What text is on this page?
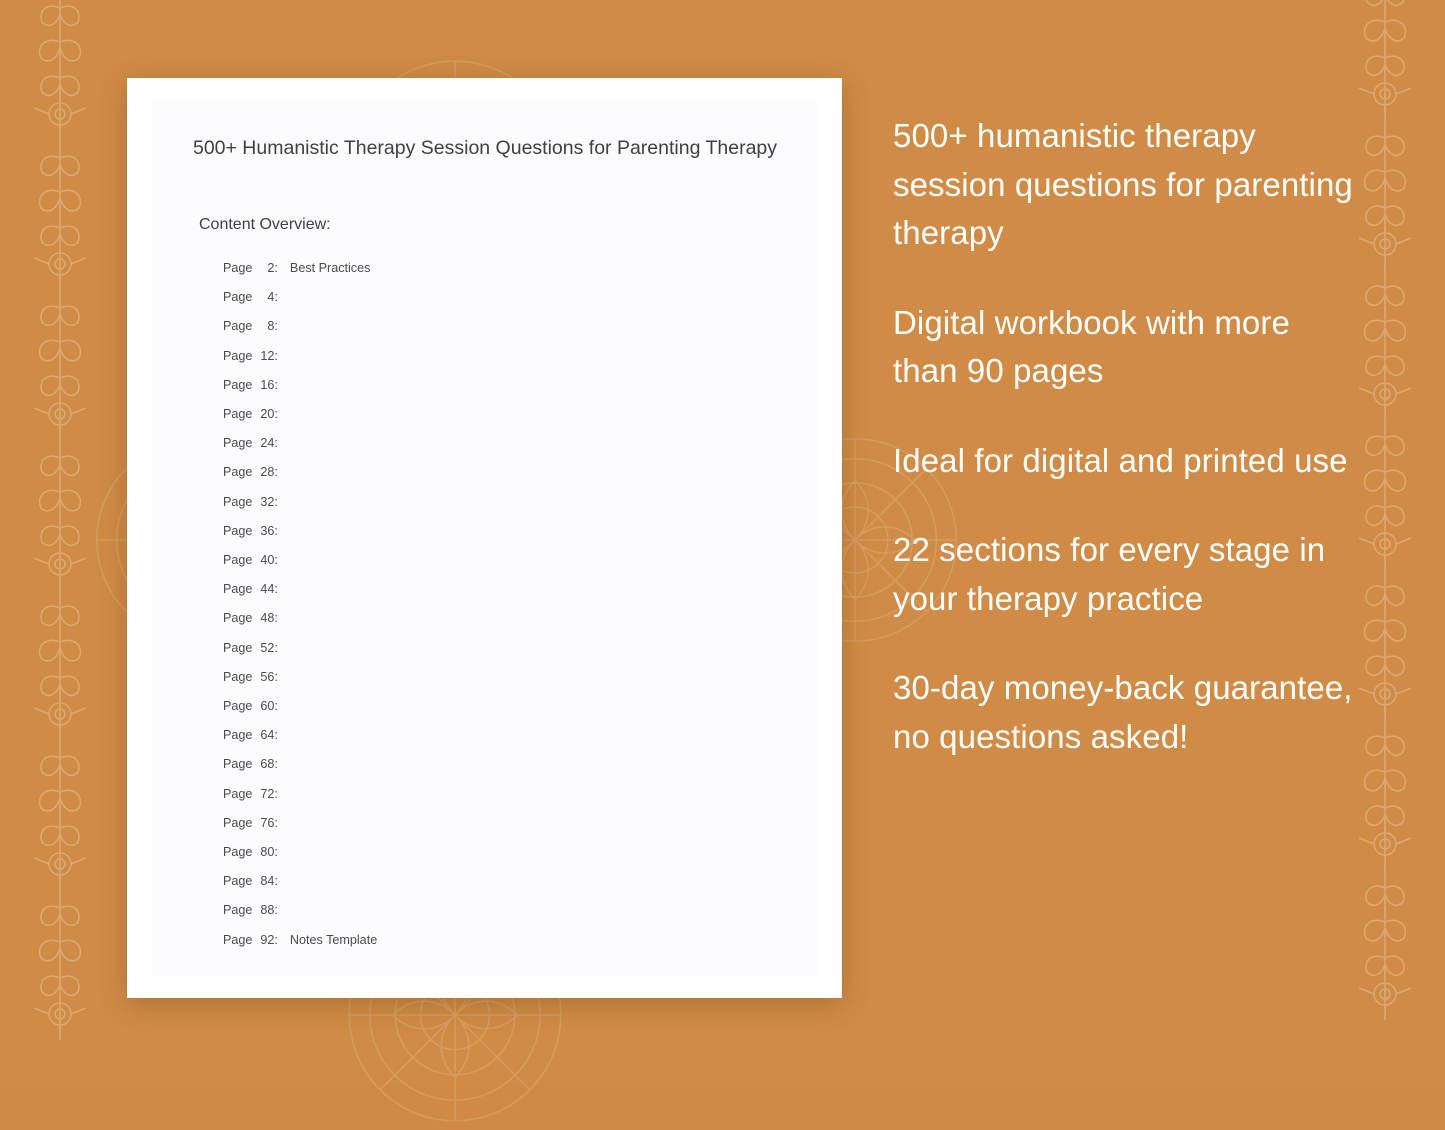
500+ Humanistic Therapy Session Questions for Parenting Therapy
Content Overview:
Page	2 : Best Practices
Page	4 :
Page	8 :
Page 12 :
Page 16 :
Page 20 :
Page 24 :
Page 28 :
Page 32 :
Page 36 :
Page 40 :
Page 44 :
Page 48 :
Page 52 :
Page 56 :
Page 60 :
Page 64 :
Page 68 :
Page 72 :
Page 76 :
Page 80 :
Page 84 :
Page 88 :
Page 92 : Notes Template
500+ humanistic therapy session questions for parenting therapy
Digital workbook with more than 90 pages
Ideal for digital and printed use
22 sections for every stage in your therapy practice
30-day money-back guarantee, no questions asked!
